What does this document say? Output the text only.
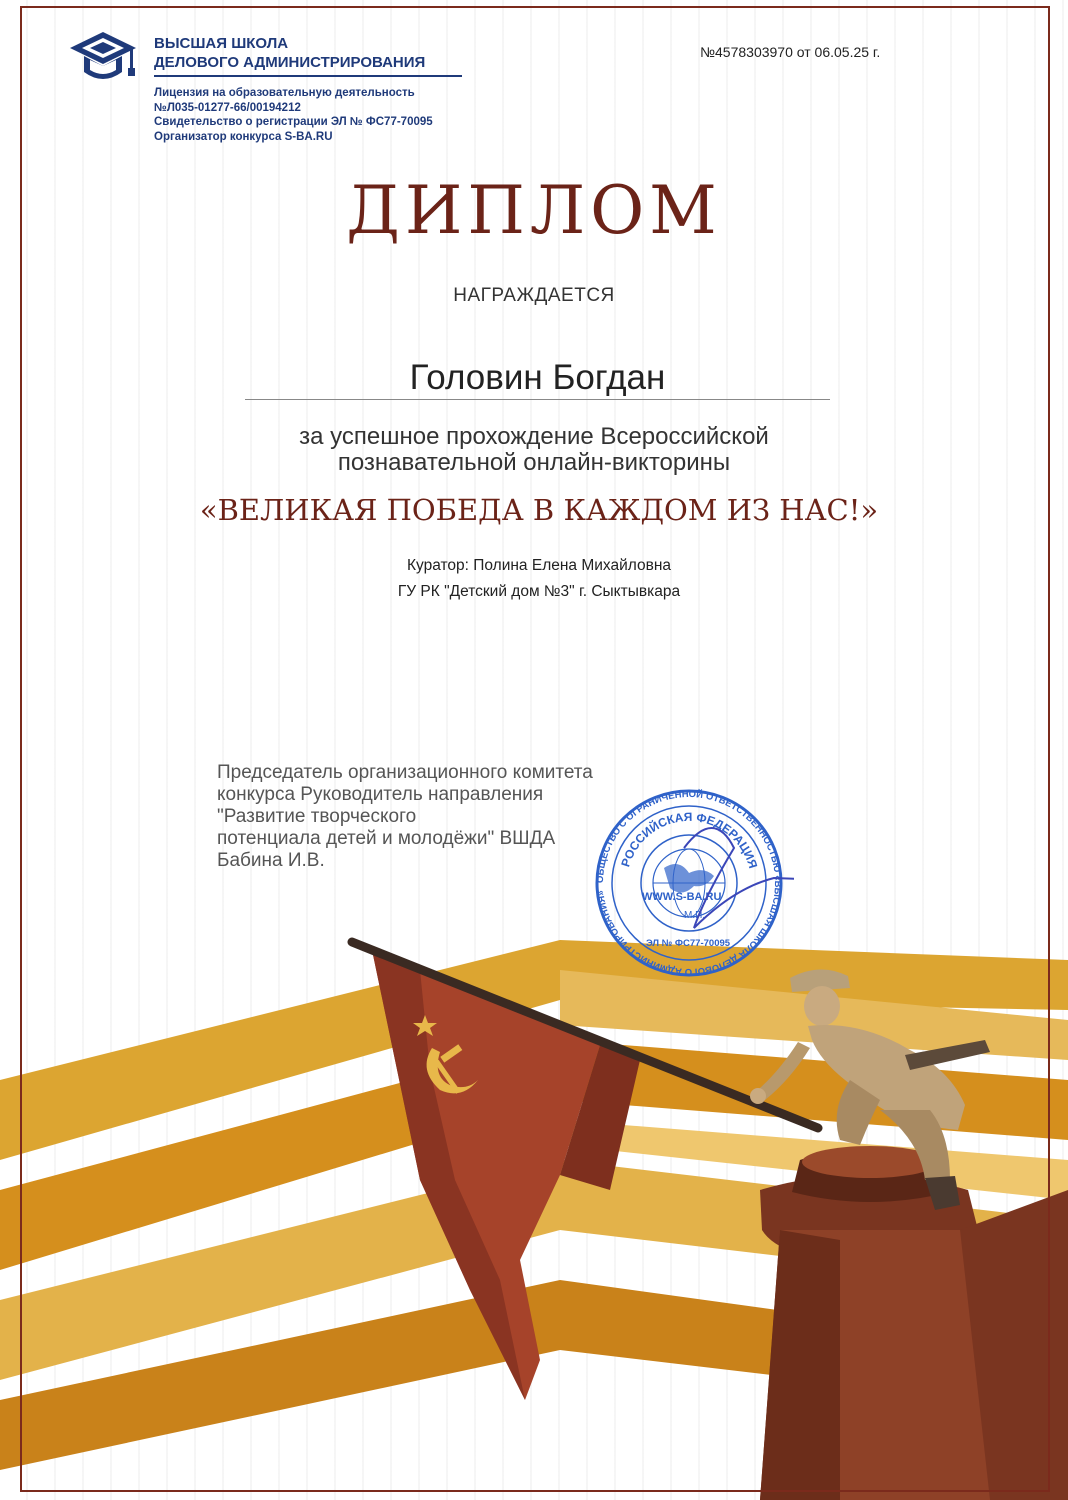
ВЫСШАЯ ШКОЛА
ДЕЛОВОГО АДМИНИСТРИРОВАНИЯ
Лицензия на образовательную деятельность
№Л035-01277-66/00194212
Свидетельство о регистрации ЭЛ № ФС77-70095
Организатор конкурса S-BA.RU
№4578303970 от 06.05.25 г.
ДИПЛОМ
НАГРАЖДАЕТСЯ
Головин Богдан
за успешное прохождение Всероссийской
познавательной онлайн-викторины
«ВЕЛИКАЯ ПОБЕДА В КАЖДОМ ИЗ НАС!»
Куратор: Полина Елена Михайловна
ГУ РК "Детский дом №3" г. Сыктывкара
Председатель организационного комитета
конкурса Руководитель направления
"Развитие творческого
потенциала детей и молодёжи" ВШДА
Бабина И.В.
ОБЩЕСТВО С ОГРАНИЧЕННОЙ ОТВЕТСТВЕННОСТЬЮ «ВЫСШАЯ ШКОЛА ДЕЛОВОГО АДМИНИСТРИРОВАНИЯ»
РОССИЙСКАЯ ФЕДЕРАЦИЯ
WWW.S-BA.RU
М.П.
ЭЛ № ФС77-70095
